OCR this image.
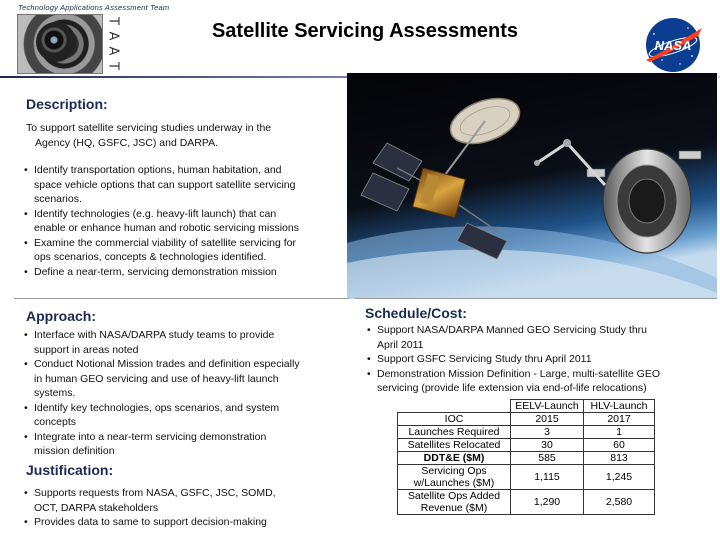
Technology Applications Assessment Team
T
A
A
T
Satellite Servicing Assessments
NASA
Description:
To support satellite servicing studies underway in the
Agency (HQ, GSFC, JSC) and DARPA.
• Identify transportation options, human habitation, and
space vehicle options that can support satellite servicing
scenarios.
• Identify technologies (e.g. heavy-lift launch) that can
enable or enhance human and robotic servicing missions
• Examine the commercial viability of satellite servicing for
ops scenarios, concepts & technologies identified.
• Define a near-term, servicing demonstration mission
Approach:
• Interface with NASA/DARPA study teams to provide
support in areas noted
• Conduct Notional Mission trades and definition especially
in human GEO servicing and use of heavy-lift launch
systems.
• Identify key technologies, ops scenarios, and system
concepts
• Integrate into a near-term servicing demonstration
mission definition
Justification:
• Supports requests from NASA, GSFC, JSC, SOMD,
OCT, DARPA stakeholders
• Provides data to same to support decision-making
Schedule/Cost:
• Support NASA/DARPA Manned GEO Servicing Study thru
April 2011
• Support GSFC Servicing Study thru April 2011
• Demonstration Mission Definition - Large, multi-satellite GEO
servicing (provide life extension via end-of-life relocations)
	EELV-Launch	HLV-Launch
IOC	2015	2017
Launches Required	3	1
Satellites Relocated	30	60
DDT&E ($M)	585	813

Servicing Ops
w/Launches ($M)	1,115	1,245

Satellite Ops Added
Revenue ($M)	1,290	2,580
